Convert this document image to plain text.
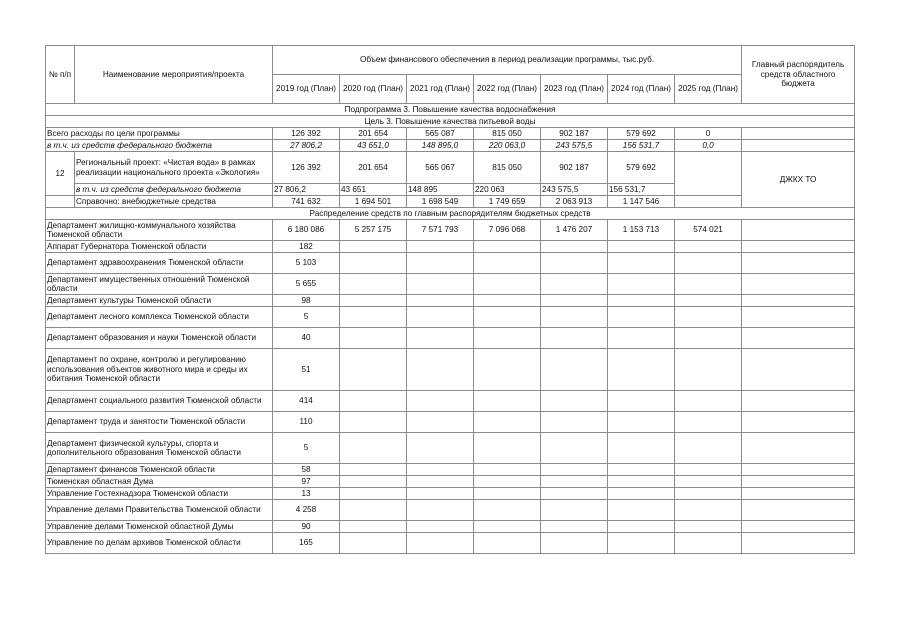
№ п/п	Наименование мероприятия/проекта	Объем финансового обеспечения в период реализации программы, тыс.руб.							Главный распорядитель средств областного бюджета
		2019 год (План)	2020 год (План)	2021 год (План)	2022 год (План)	2023 год (План)	2024 год (План)	2025 год (План)	
Подпрограмма 3. Повышение качества водоснабжения									
Цель 3. Повышение качества питьевой воды									
Всего расходы по цели программы		126 392	201 654	565 087	815 050	902 187	579 692	0	
в т.ч. из средств федерального бюджета		27 806,2	43 651,0	148 895,0	220 063,0	243 575,5	156 531,7	0,0	
12	Региональный проект: «Чистая вода» в рамках реализации национального проекта «Экология»	126 392	201 654	565 067	815 050	902 187	579 692		ДЖКХ ТО
	в т.ч. из средств федерального бюджета	27 806,2	43 651	148 895	220 063	243 575,5	156 531,7		
	Справочно: внебюджетные средства	741 632	1 694 501	1 698 549	1 749 659	2 063 913	1 147 546		
Распределение средств по главным распорядителям бюджетных средств									
Департамент жилищно-коммунального хозяйства Тюменской области		6 180 086	5 257 175	7 571 793	7 096 068	1 476 207	1 153 713	574 021	
Аппарат Губернатора Тюменской области		182							
Департамент здравоохранения Тюменской области		5 103							
Департамент имущественных отношений Тюменской области		5 655							
Департамент культуры Тюменской области		98							
Департамент лесного комплекса Тюменской области		5							
Департамент образования и науки Тюменской области		40							
Департамент по охране, контролю и регулированию использования объектов животного мира и среды их обитания Тюменской области		51							
Департамент социального развития Тюменской области		414							
Департамент труда и занятости Тюменской области		110							
Департамент физической культуры, спорта и дополнительного образования Тюменской области		5							
Департамент финансов Тюменской области		58							
Тюменская областная Дума		97							
Управление Гостехнадзора Тюменской области		13							
Управление делами Правительства Тюменской области		4 258							
Управление делами Тюменской областной Думы		90							
Управление по делам архивов Тюменской области		165							
